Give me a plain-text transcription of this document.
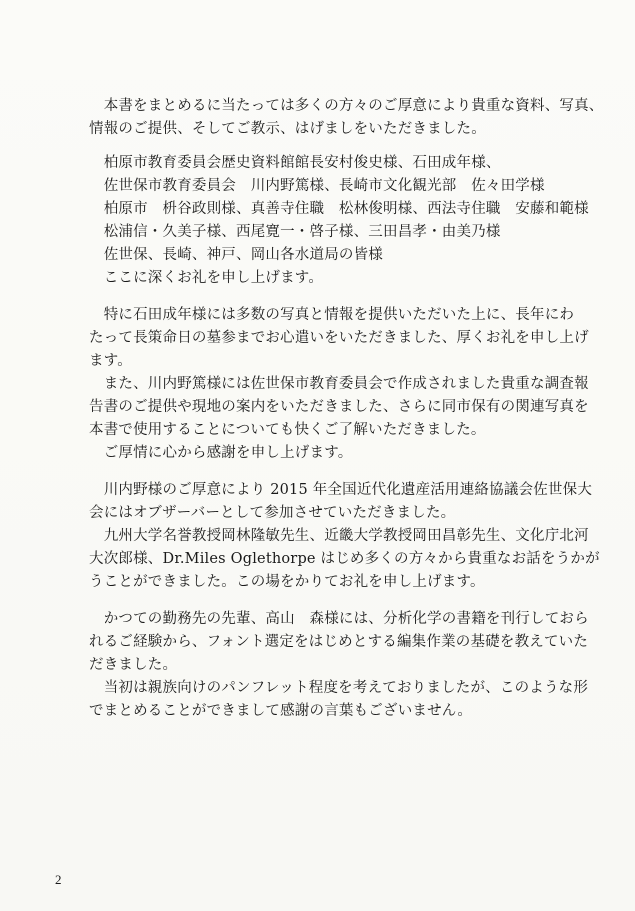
　本書をまとめるに当たっては多くの方々のご厚意により貴重な資料、写真、
情報のご提供、そしてご教示、はげましをいただきました。
　柏原市教育委員会歴史資料館館長安村俊史様、石田成年様、
　佐世保市教育委員会　川内野篤様、長崎市文化観光部　佐々田学様
　柏原市　枡谷政則様、真善寺住職　松林俊明様、西法寺住職　安藤和範様
　松浦信・久美子様、西尾寛一・啓子様、三田昌孝・由美乃様
　佐世保、長崎、神戸、岡山各水道局の皆様
　ここに深くお礼を申し上げます。
　特に石田成年様には多数の写真と情報を提供いただいた上に、長年にわ
たって長策命日の墓参までお心遣いをいただきました、厚くお礼を申し上げ
ます。
　また、川内野篤様には佐世保市教育委員会で作成されました貴重な調査報
告書のご提供や現地の案内をいただきました、さらに同市保有の関連写真を
本書で使用することについても快くご了解いただきました。
　ご厚情に心から感謝を申し上げます。
　川内野様のご厚意により 2015 年全国近代化遺産活用連絡協議会佐世保大
会にはオブザーバーとして参加させていただきました。
　九州大学名誉教授岡林隆敏先生、近畿大学教授岡田昌彰先生、文化庁北河
大次郎様、Dr.Miles Oglethorpe はじめ多くの方々から貴重なお話をうかが
うことができました。この場をかりてお礼を申し上げます。
　かつての勤務先の先輩、高山　森様には、分析化学の書籍を刊行しておら
れるご経験から、フォント選定をはじめとする編集作業の基礎を教えていた
だきました。
　当初は親族向けのパンフレット程度を考えておりましたが、このような形
でまとめることができまして感謝の言葉もございません。
2
